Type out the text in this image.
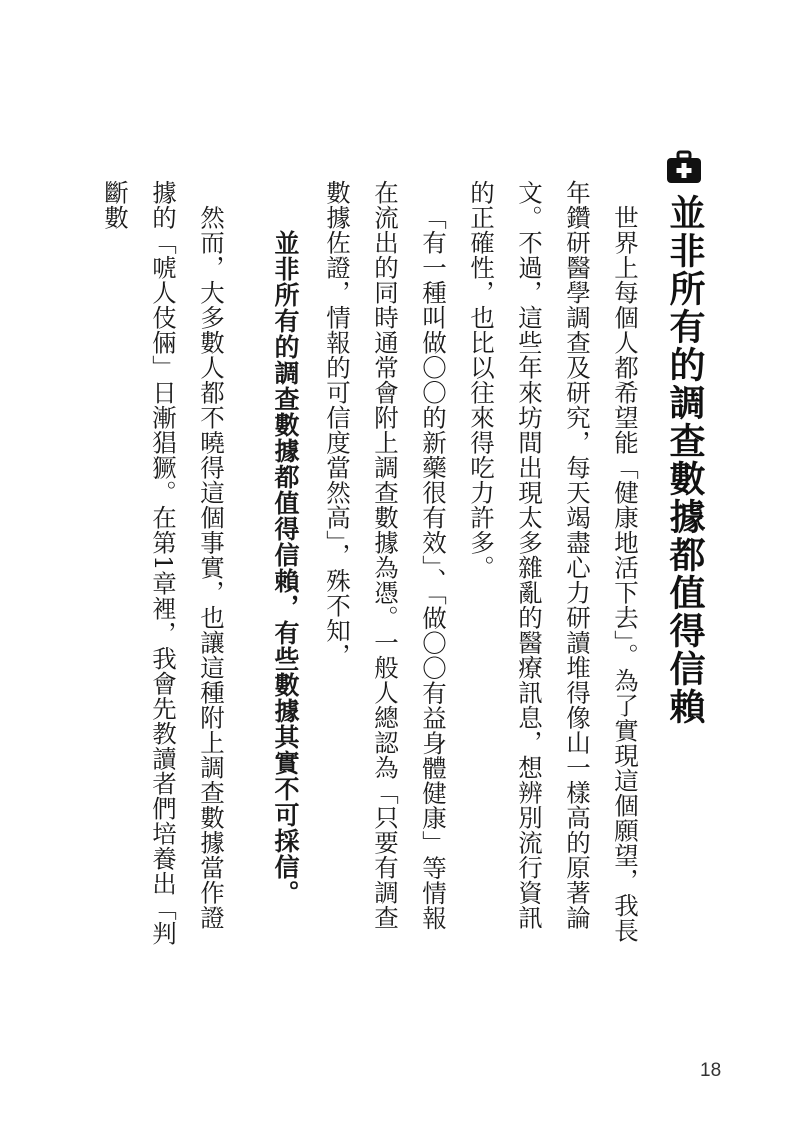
並非所有的調查數據都值得信賴

世界上每個人都希望能「健康地活下去」。為了實現這個願望，我長年鑽研醫學調查及研究，每天竭盡心力研讀堆得像山一樣高的原著論文。不過，這些年來坊間出現太多雜亂的醫療訊息，想辨別流行資訊的正確性，也比以往來得吃力許多。

「有一種叫做〇〇的新藥很有效」、「做〇〇有益身體健康」等情報在流出的同時通常會附上調查數據為憑。一般人總認為「只要有調查數據佐證，情報的可信度當然高」，殊不知，

並非所有的調查數據都值得信賴，有些數據其實不可採信。

然而，大多數人都不曉得這個事實，也讓這種附上調查數據當作證據的「唬人伎倆」日漸猖獗。在第1章裡，我會先教讀者們培養出「判斷數

18
